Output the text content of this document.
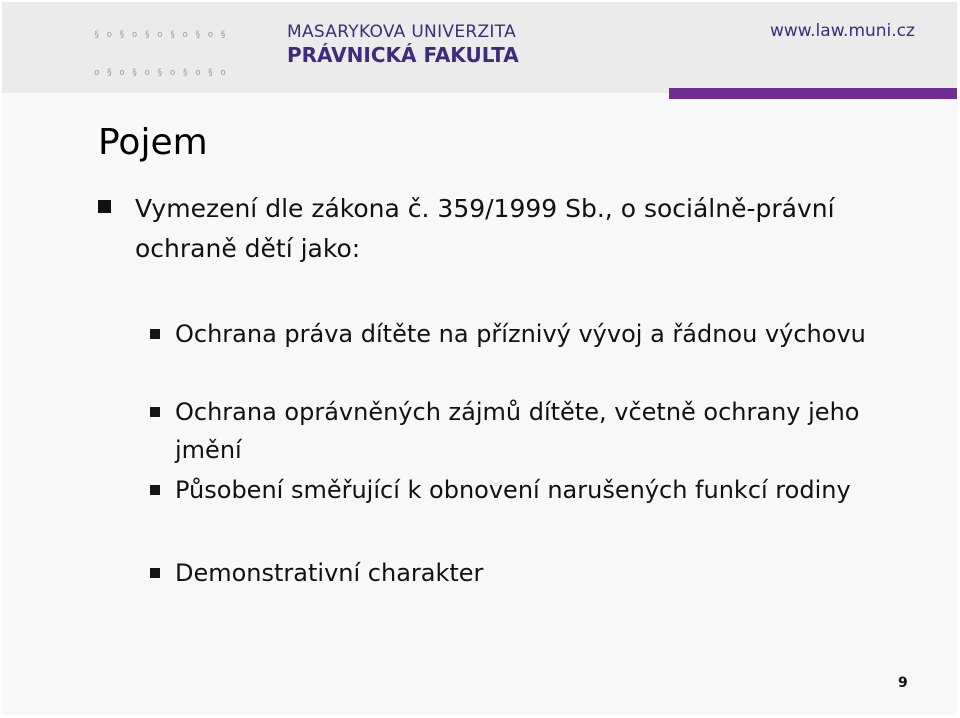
§ o § o § o § o § o §

o § o § o § o § o § o

MASARYKOVA UNIVERZITA
PRÁVNICKÁ FAKULTA
www.law.muni.cz
Pojem
Vymezení dle zákona č. 359/1999 Sb., o sociálně-právní ochraně dětí jako:
Ochrana práva dítěte na příznivý vývoj a řádnou výchovu
Ochrana oprávněných zájmů dítěte, včetně ochrany jeho jmění
Působení směřující k obnovení narušených funkcí rodiny
Demonstrativní charakter
9
